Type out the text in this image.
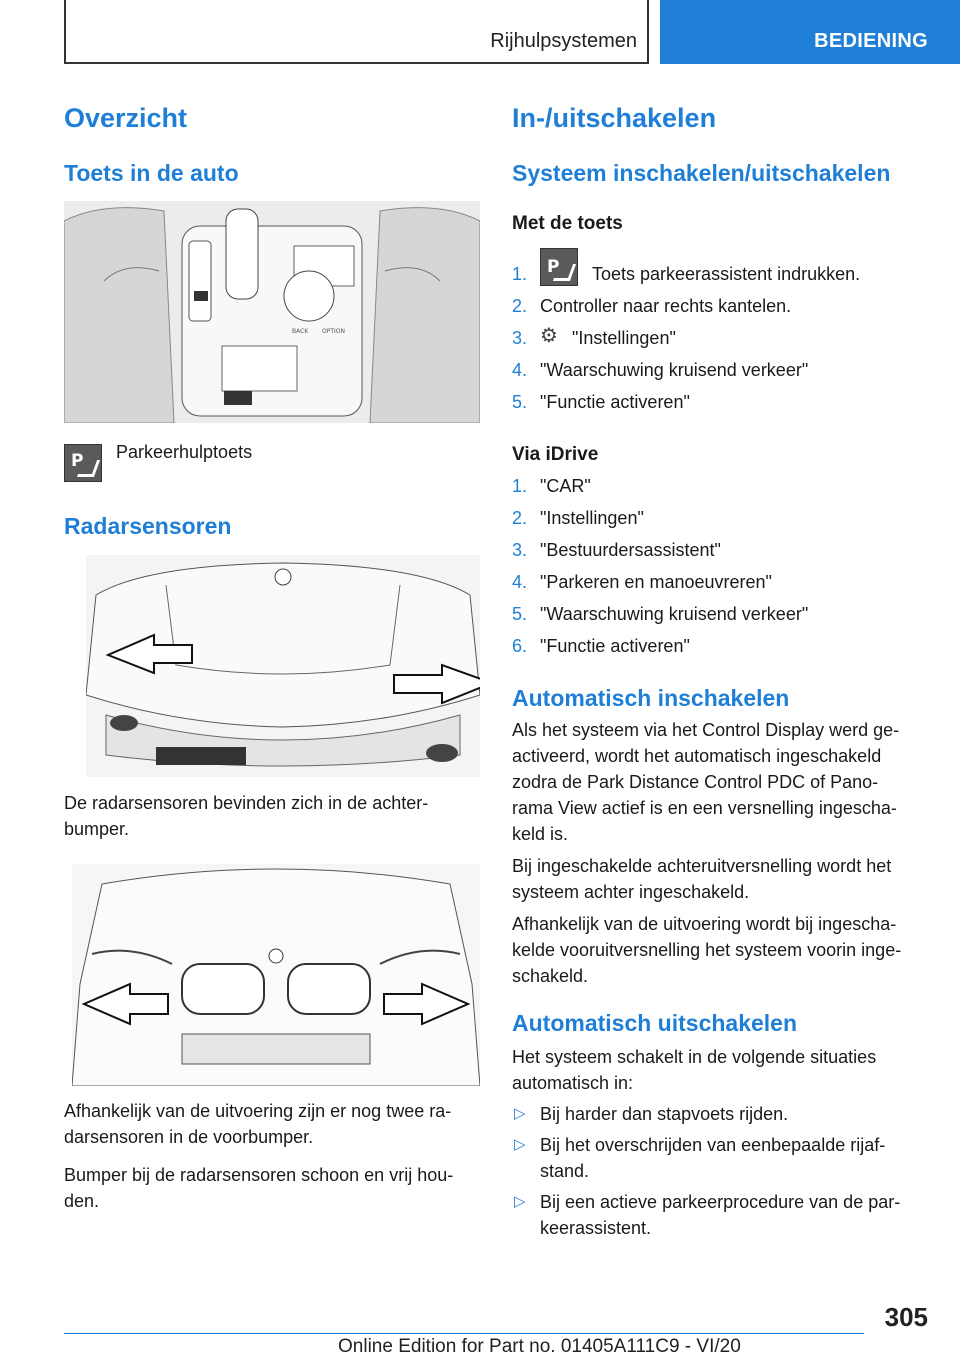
Rijhulpsystemen	BEDIENING
Overzicht
Toets in de auto
BACK OPTION
P Parkeerhulptoets

Radarsensoren

De radarsensoren bevinden zich in de achter-

bumper.

Afhankelijk van de uitvoering zijn er nog twee ra-

darsensoren in de voorbumper.

Bumper bij de radarsensoren schoon en vrij hou-

den.

In-/uitschakelen
Systeem inschakelen/uitschakelen
Met de toets
1. P Toets parkeerassistent indrukken.
2. Controller naar rechts kantelen.
3. ⚙ "Instellingen"
4. "Waarschuwing kruisend verkeer"
5. "Functie activeren"
Via iDrive
1. "CAR"
2. "Instellingen"
3. "Bestuurdersassistent"
4. "Parkeren en manoeuvreren"
5. "Waarschuwing kruisend verkeer"
6. "Functie activeren"
Automatisch inschakelen

Als het systeem via het Control Display werd ge-

activeerd, wordt het automatisch ingeschakeld

zodra de Park Distance Control PDC of Pano-

rama View actief is en een versnelling ingescha-

keld is.

Bij ingeschakelde achteruitversnelling wordt het

systeem achter ingeschakeld.

Afhankelijk van de uitvoering wordt bij ingescha-

kelde vooruitversnelling het systeem voorin inge-

schakeld.

Automatisch uitschakelen

Het systeem schakelt in de volgende situaties

automatisch in:

▷ Bij harder dan stapvoets rijden.
▷ Bij het overschrijden van eenbepaalde rijaf-
stand.
▷ Bij een actieve parkeerprocedure van de par-
keerassistent.
305
Online Edition for Part no. 01405A111C9 - VI/20
